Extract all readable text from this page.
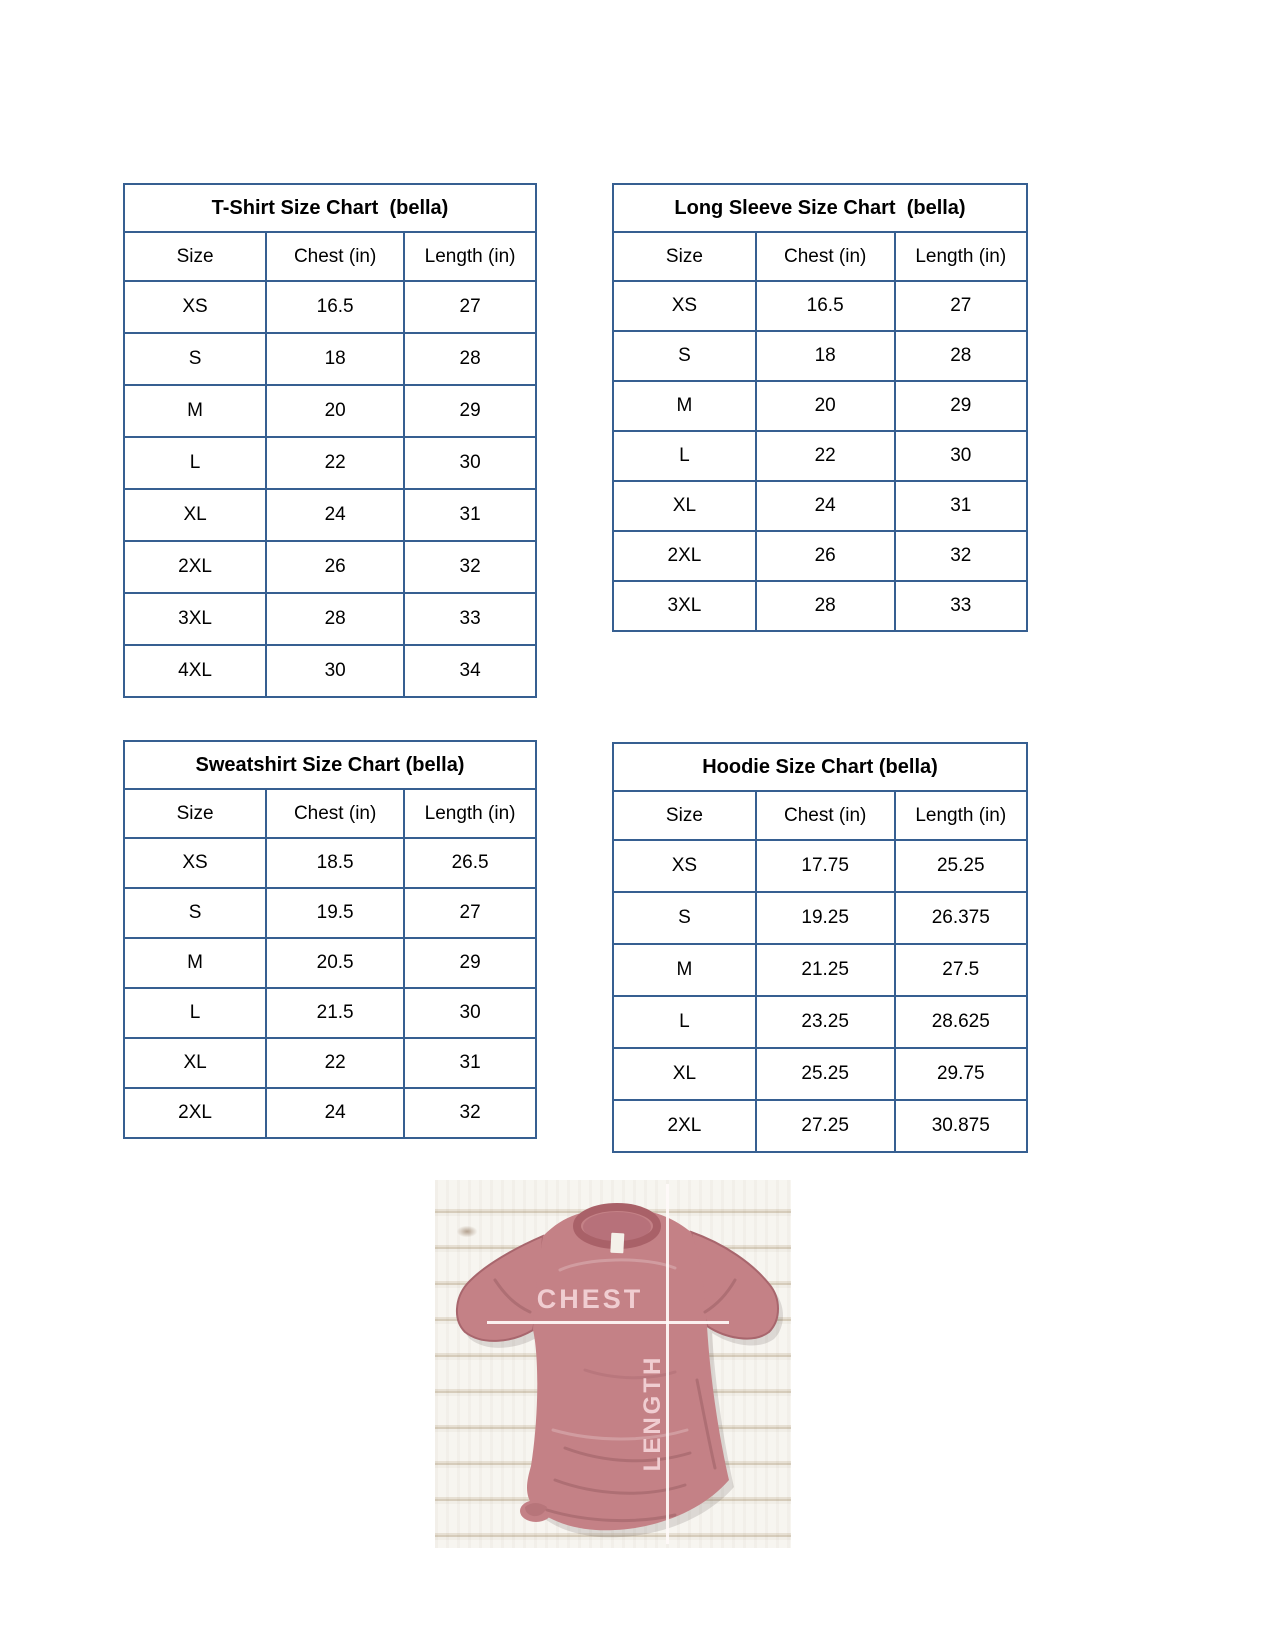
T-Shirt Size Chart  (bella)		
Size	Chest (in)	Length (in)
XS	16.5	27
S	18	28
M	20	29
L	22	30
XL	24	31
2XL	26	32
3XL	28	33
4XL	30	34
Long Sleeve Size Chart  (bella)		
Size	Chest (in)	Length (in)
XS	16.5	27
S	18	28
M	20	29
L	22	30
XL	24	31
2XL	26	32
3XL	28	33
Sweatshirt Size Chart (bella)		
Size	Chest (in)	Length (in)
XS	18.5	26.5
S	19.5	27
M	20.5	29
L	21.5	30
XL	22	31
2XL	24	32
Hoodie Size Chart (bella)		
Size	Chest (in)	Length (in)
XS	17.75	25.25
S	19.25	26.375
M	21.25	27.5
L	23.25	28.625
XL	25.25	29.75
2XL	27.25	30.875
CHEST
LENGTH
